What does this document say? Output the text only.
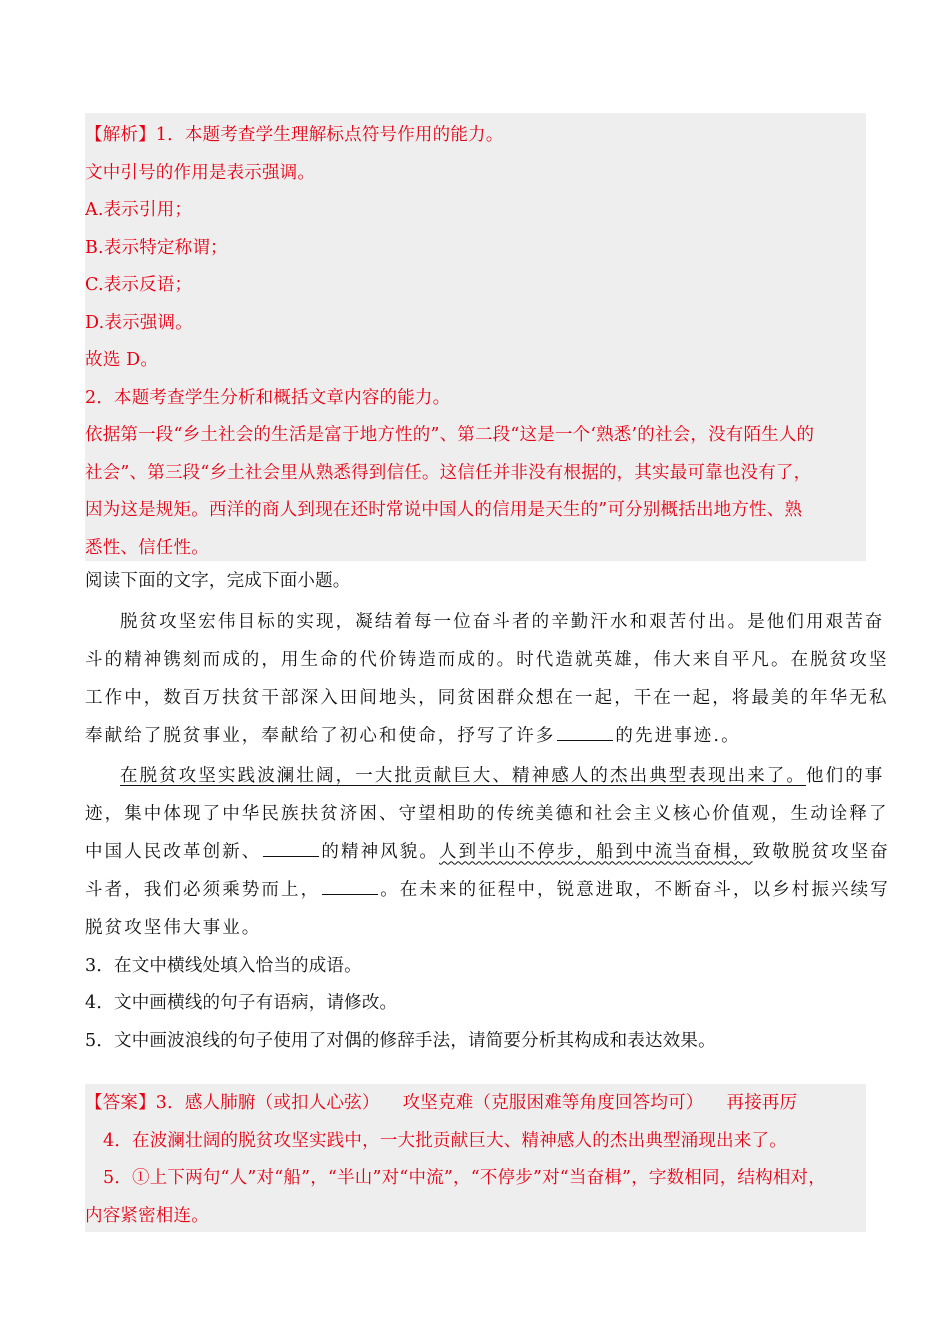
【解析】1．本题考查学生理解标点符号作用的能力。
文中引号的作用是表示强调。
A.表示引用；
B.表示特定称谓；
C.表示反语；
D.表示强调。
故选 D。
2．本题考查学生分析和概括文章内容的能力。
依据第一段“乡土社会的生活是富于地方性的”、第二段“这是一个‘熟悉’的社会，没有陌生人的
社会”、第三段“乡土社会里从熟悉得到信任。这信任并非没有根据的，其实最可靠也没有了，
因为这是规矩。西洋的商人到现在还时常说中国人的信用是天生的”可分别概括出地方性、熟
悉性、信任性。
阅读下面的文字，完成下面小题。
脱贫攻坚宏伟目标的实现，凝结着每一位奋斗者的辛勤汗水和艰苦付出。是他们用艰苦奋
斗的精神镌刻而成的，用生命的代价铸造而成的。时代造就英雄，伟大来自平凡。在脱贫攻坚
工作中，数百万扶贫干部深入田间地头，同贫困群众想在一起，干在一起，将最美的年华无私
奉献给了脱贫事业，奉献给了初心和使命，抒写了许多	的先进事迹.。
在脱贫攻坚实践波澜壮阔，一大批贡献巨大、精神感人的杰出典型表现出来了。他们的事
迹，集中体现了中华民族扶贫济困、守望相助的传统美德和社会主义核心价值观，生动诠释了
中国人民改革创新、	的精神风貌。人到半山不停步，船到中流当奋楫，致敬脱贫攻坚奋
斗者，我们必须乘势而上，	。在未来的征程中，锐意进取，不断奋斗，以乡村振兴续写
脱贫攻坚伟大事业。
3．在文中横线处填入恰当的成语。
4．文中画横线的句子有语病，请修改。
5．文中画波浪线的句子使用了对偶的修辞手法，请简要分析其构成和表达效果。
【答案】3．感人肺腑（或扣人心弦）    攻坚克难（克服困难等角度回答均可）    再接再厉
4．在波澜壮阔的脱贫攻坚实践中，一大批贡献巨大、精神感人的杰出典型涌现出来了。
5．①上下两句“人”对“船”，“半山”对“中流”，“不停步”对“当奋楫”，字数相同，结构相对，
内容紧密相连。
